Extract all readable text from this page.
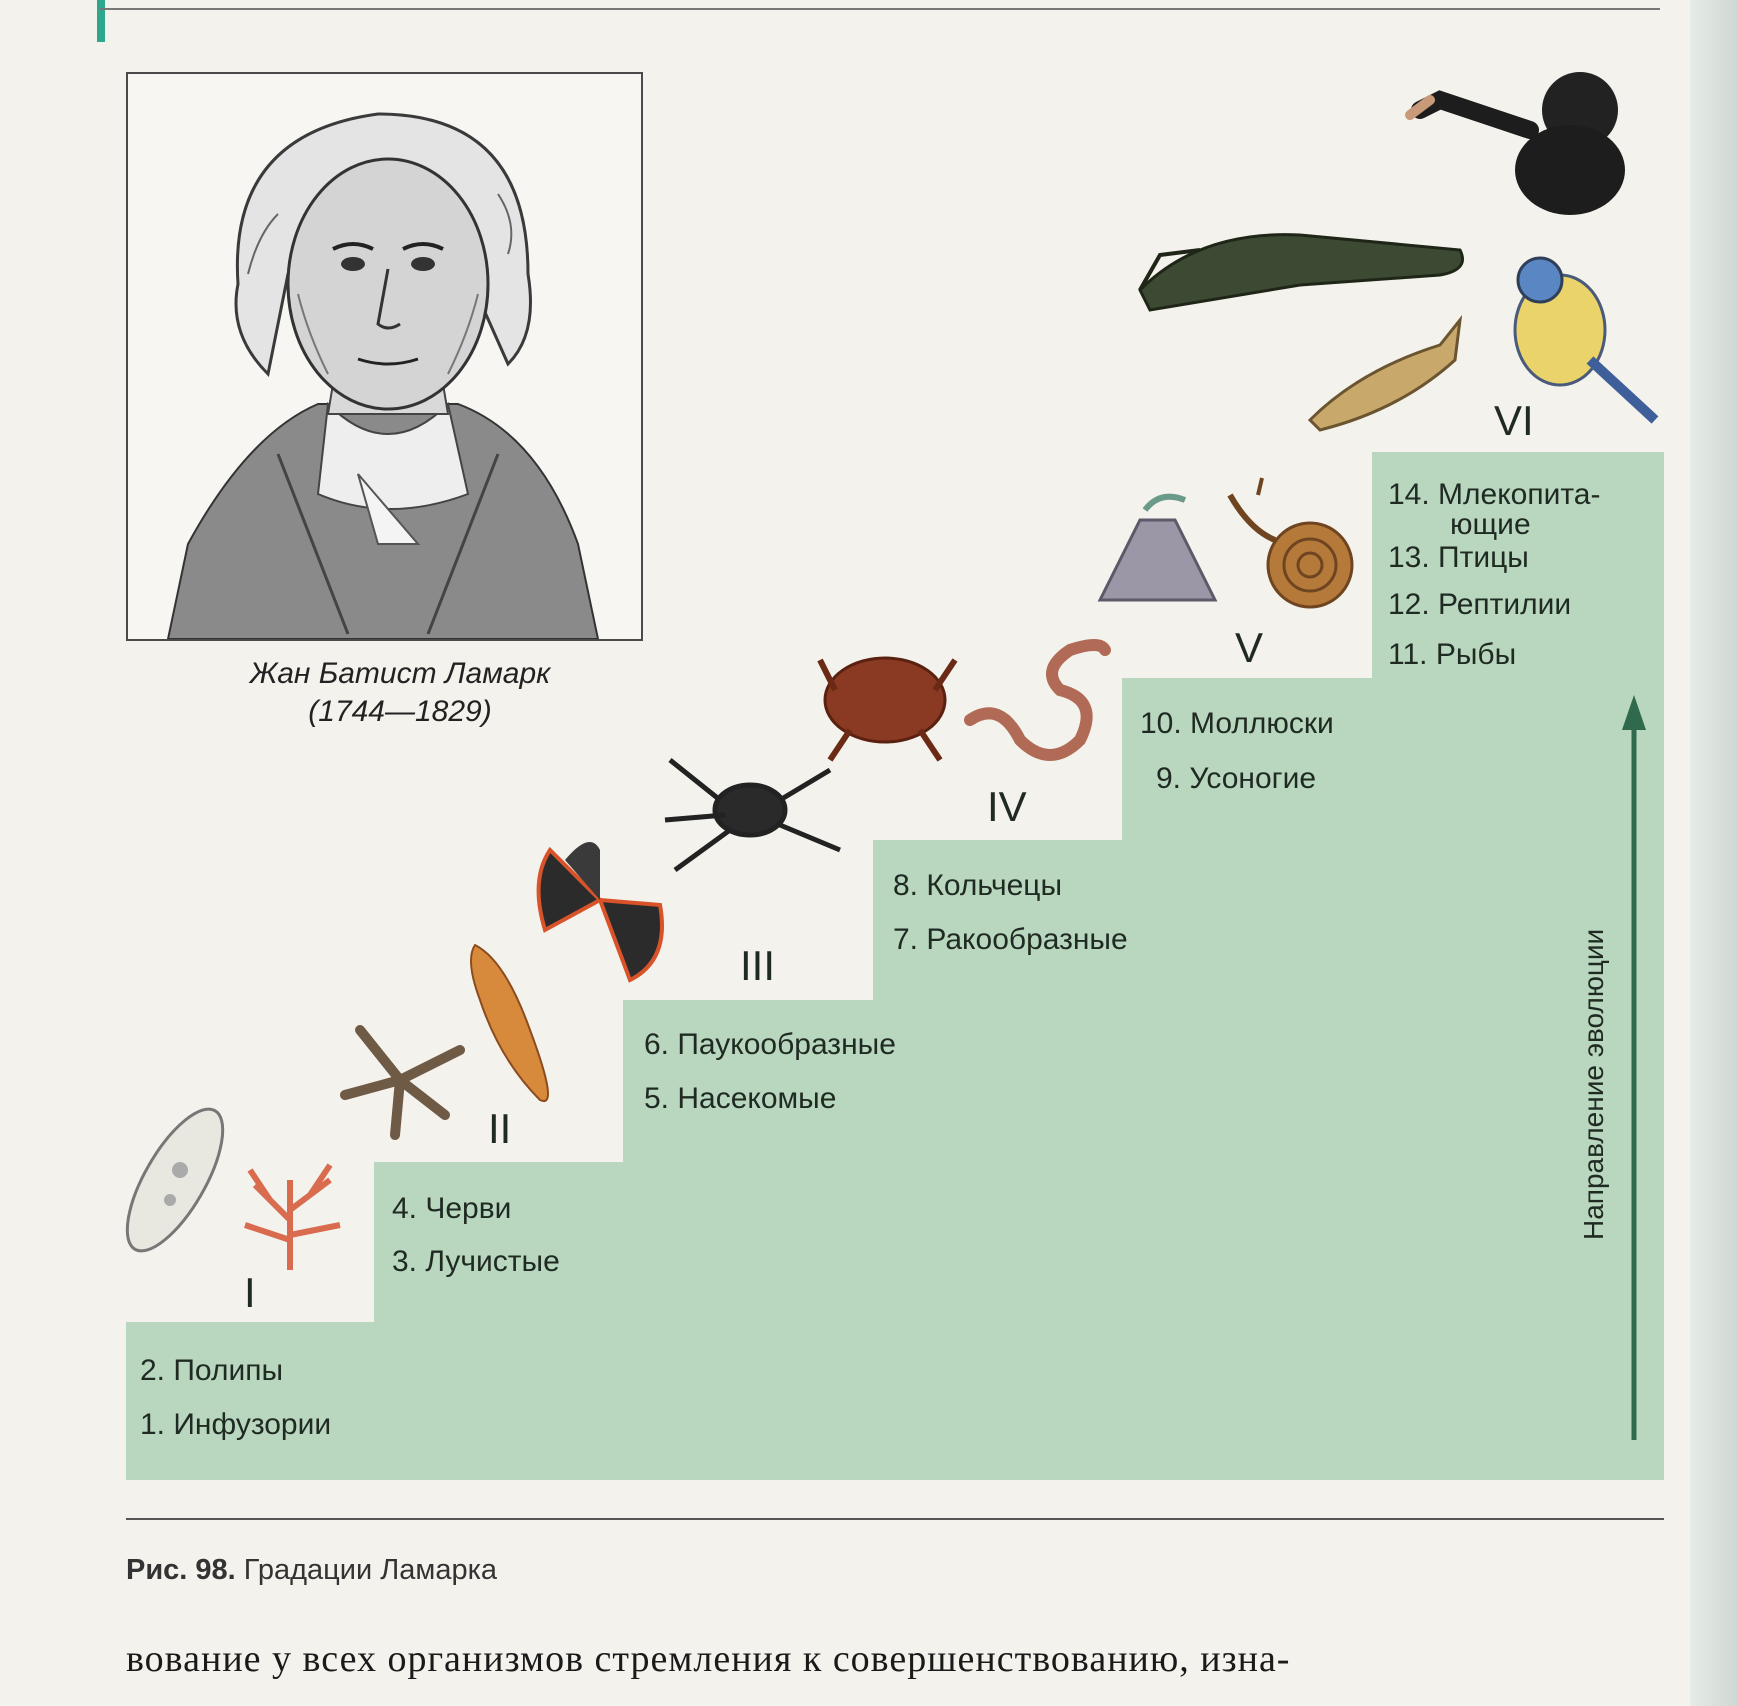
Жан Батист Ламарк
(1744—1829)
2. Полипы
1. Инфузории
I
4. Черви
3. Лучистые
II
6. Паукообразные
5. Насекомые
III
8. Кольчецы
7. Ракообразные
IV
10. Моллюски
9. Усоногие
V
14. Млекопита-
ющие
13. Птицы
12. Рептилии
11. Рыбы
VI
Направление эволюции
Рис. 98. Градации Ламарка
вование у всех организмов стремления к совершенствованию, изна-
